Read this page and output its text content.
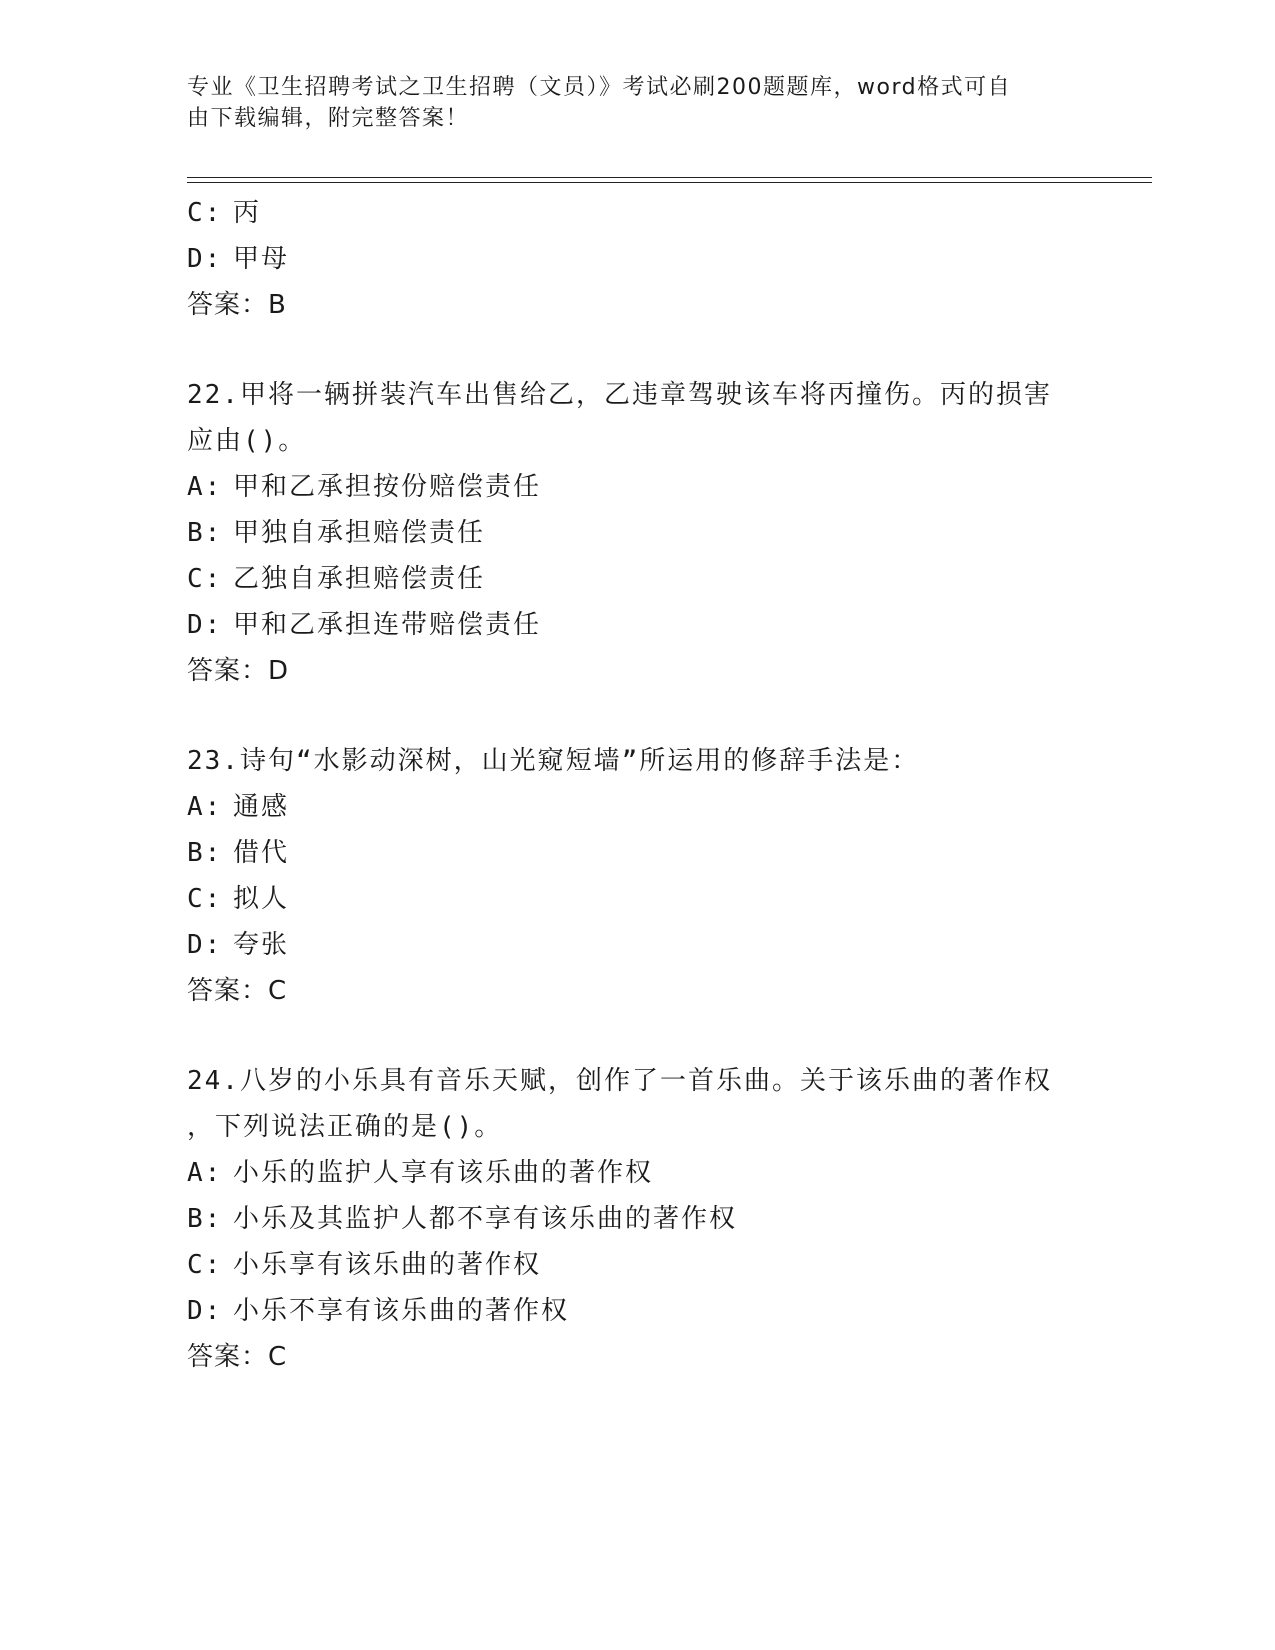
专业《卫生招聘考试之卫生招聘（文员）》考试必刷200题题库，word格式可自
由下载编辑，附完整答案！
C: 丙
D: 甲母
答案：B
22.甲将一辆拼装汽车出售给乙，乙违章驾驶该车将丙撞伤。丙的损害
应由()。
A: 甲和乙承担按份赔偿责任
B: 甲独自承担赔偿责任
C: 乙独自承担赔偿责任
D: 甲和乙承担连带赔偿责任
答案：D
23.诗句“水影动深树，山光窥短墙”所运用的修辞手法是：
A: 通感
B: 借代
C: 拟人
D: 夸张
答案：C
24.八岁的小乐具有音乐天赋，创作了一首乐曲。关于该乐曲的著作权
，下列说法正确的是()。
A: 小乐的监护人享有该乐曲的著作权
B: 小乐及其监护人都不享有该乐曲的著作权
C: 小乐享有该乐曲的著作权
D: 小乐不享有该乐曲的著作权
答案：C
